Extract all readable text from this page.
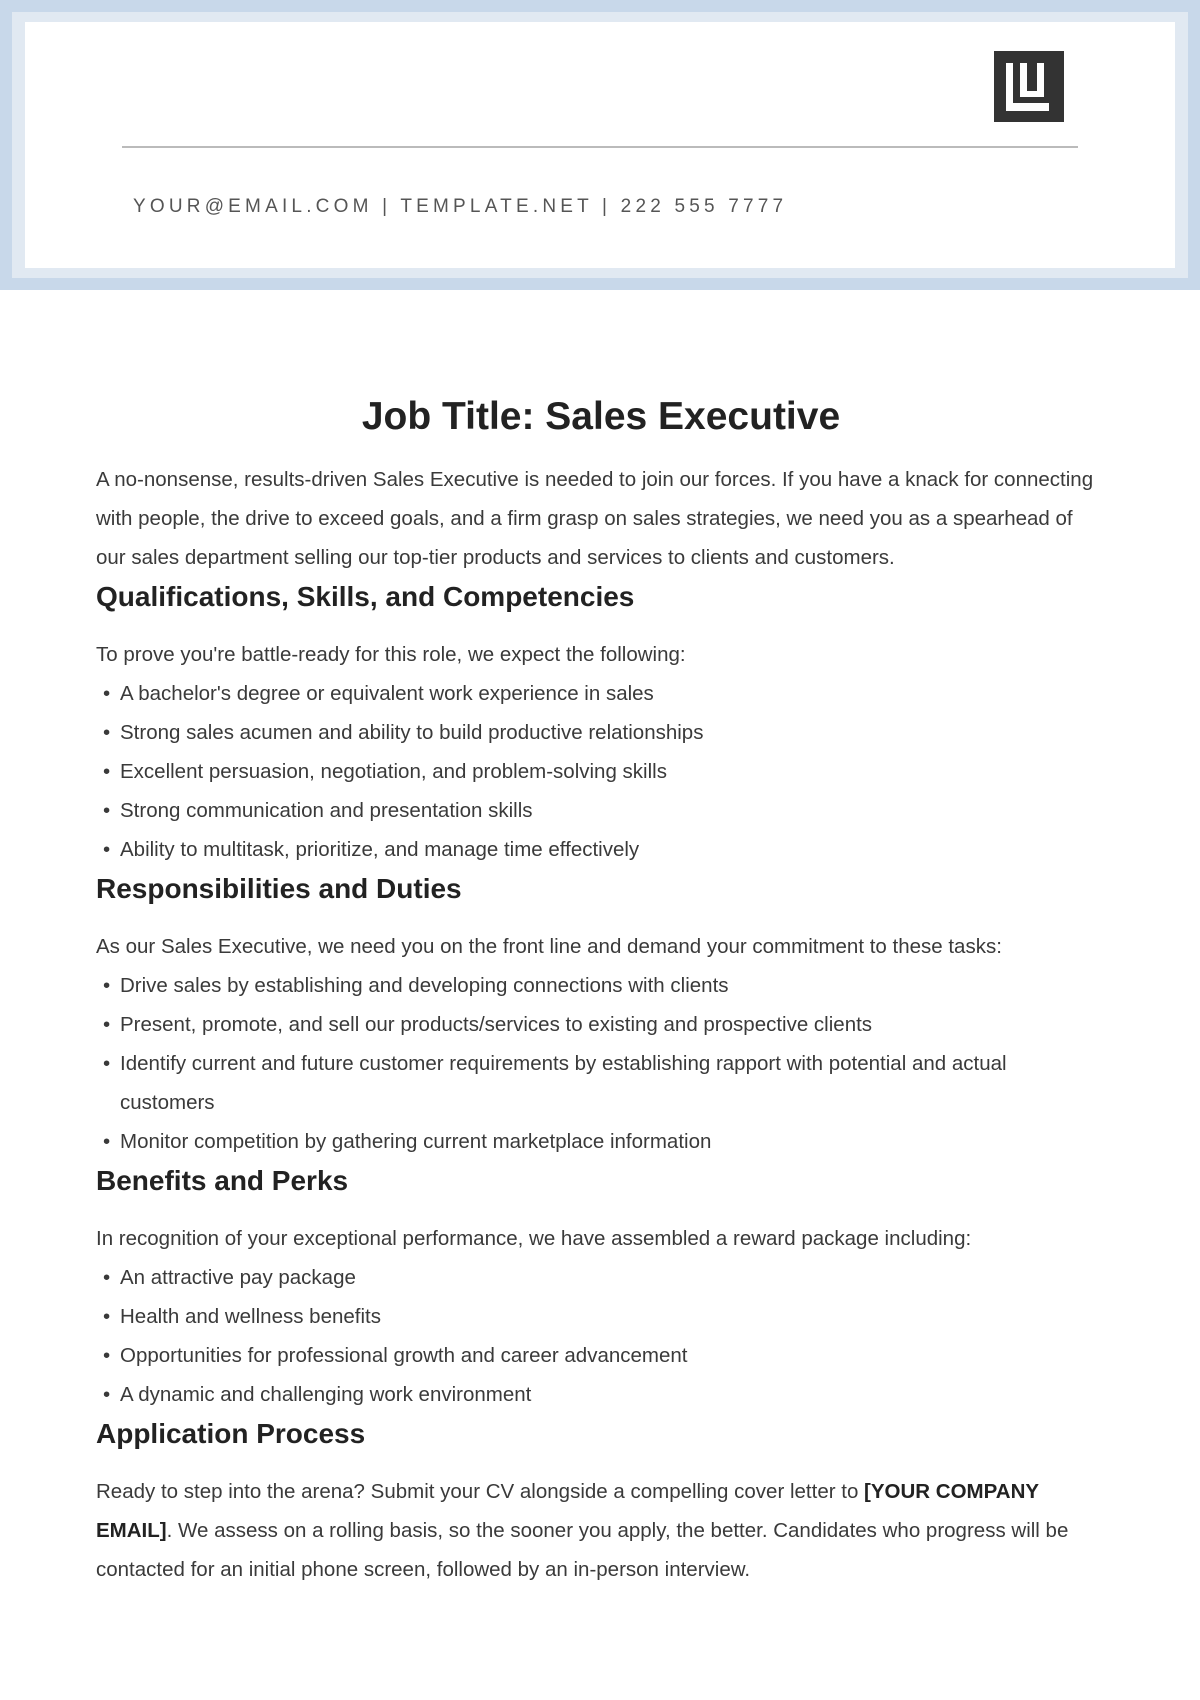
YOUR@EMAIL.COM | TEMPLATE.NET | 222 555 7777
Job Title: Sales Executive

A no-nonsense, results-driven Sales Executive is needed to join our forces. If you have a knack for connecting with people, the drive to exceed goals, and a firm grasp on sales strategies, we need you as a spearhead of our sales department selling our top-tier products and services to clients and customers.

Qualifications, Skills, and Competencies

To prove you're battle-ready for this role, we expect the following:

• A bachelor's degree or equivalent work experience in sales
• Strong sales acumen and ability to build productive relationships
• Excellent persuasion, negotiation, and problem-solving skills
• Strong communication and presentation skills
• Ability to multitask, prioritize, and manage time effectively
Responsibilities and Duties

As our Sales Executive, we need you on the front line and demand your commitment to these tasks:

• Drive sales by establishing and developing connections with clients
• Present, promote, and sell our products/services to existing and prospective clients
• Identify current and future customer requirements by establishing rapport with potential and actual customers
• Monitor competition by gathering current marketplace information
Benefits and Perks

In recognition of your exceptional performance, we have assembled a reward package including:

• An attractive pay package
• Health and wellness benefits
• Opportunities for professional growth and career advancement
• A dynamic and challenging work environment
Application Process

Ready to step into the arena? Submit your CV alongside a compelling cover letter to [YOUR COMPANY EMAIL]. We assess on a rolling basis, so the sooner you apply, the better. Candidates who progress will be contacted for an initial phone screen, followed by an in-person interview.
